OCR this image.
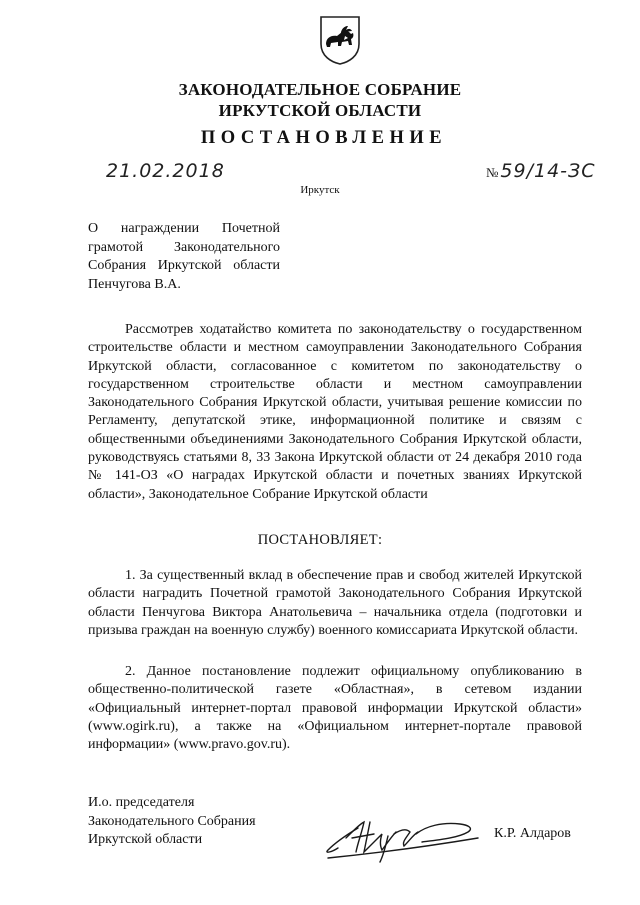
ЗАКОНОДАТЕЛЬНОЕ СОБРАНИЕ
ИРКУТСКОЙ ОБЛАСТИ
ПОСТАНОВЛЕНИЕ
21.02.2018	№ 59/14-ЗС
Иркутск
О награждении Почетной
грамотой Законодательного
Собрания Иркутской области
Пенчугова В.А.
Рассмотрев ходатайство комитета по законодательству о государственном строительстве области и местном самоуправлении Законодательного Собрания Иркутской области, согласованное с комитетом по законодательству о государственном строительстве области и местном самоуправлении Законодательного Собрания Иркутской области, учитывая решение комиссии по Регламенту, депутатской этике, информационной политике и связям с общественными объединениями Законодательного Собрания Иркутской области, руководствуясь статьями 8, 33 Закона Иркутской области от 24 декабря 2010 года № 141-ОЗ «О наградах Иркутской области и почетных званиях Иркутской области», Законодательное Собрание Иркутской области
ПОСТАНОВЛЯЕТ:
1. За существенный вклад в обеспечение прав и свобод жителей Иркутской области наградить Почетной грамотой Законодательного Собрания Иркутской области Пенчугова Виктора Анатольевича – начальника отдела (подготовки и призыва граждан на военную службу) военного комиссариата Иркутской области.
2. Данное постановление подлежит официальному опубликованию в общественно-политической газете «Областная», в сетевом издании «Официальный интернет-портал правовой информации Иркутской области» (www.ogirk.ru), а также на «Официальном интернет-портале правовой информации» (www.pravo.gov.ru).
И.о. председателя
Законодательного Собрания
Иркутской области	К.Р. Алдаров
